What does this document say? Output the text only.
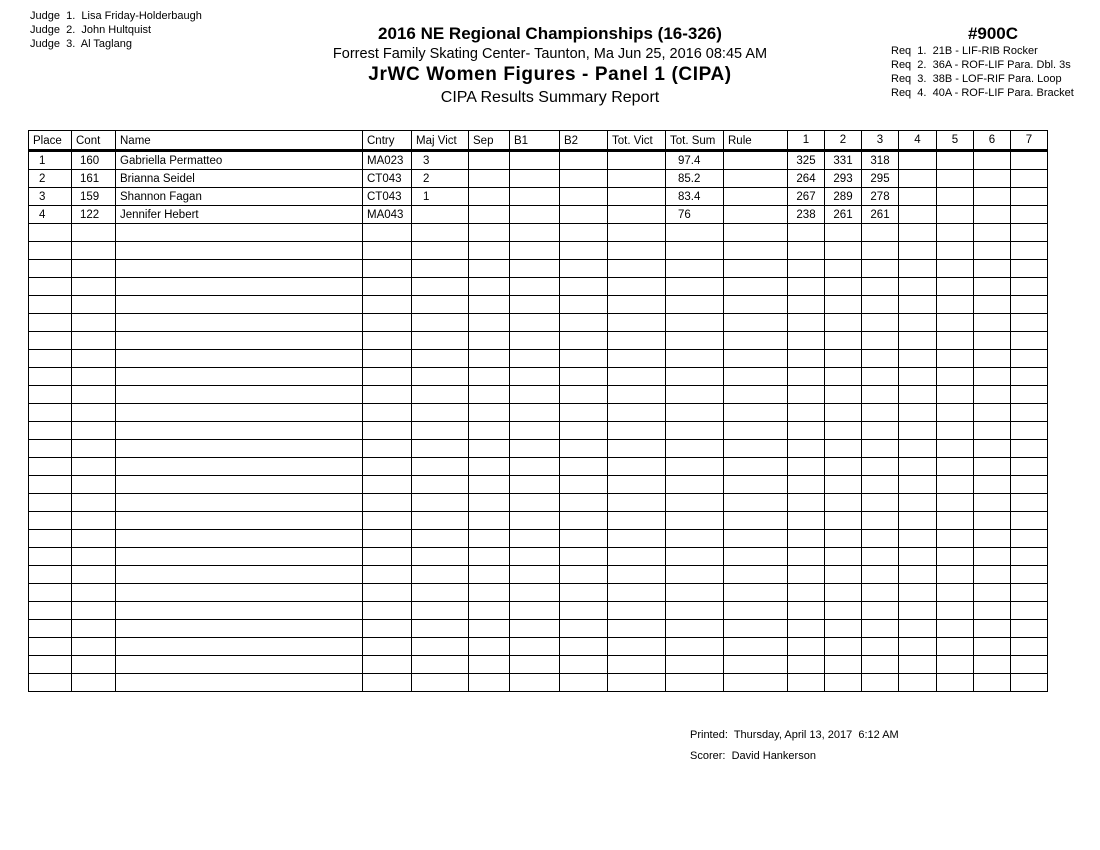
Judge  1. Lisa Friday-Holderbaugh
Judge  2. John Hultquist
Judge  3. Al Taglang
2016 NE Regional Championships (16-326)
Forrest Family Skating Center- Taunton, Ma Jun 25, 2016 08:45 AM
JrWC Women Figures - Panel 1 (CIPA)
CIPA Results Summary Report
#900C
Req  1. 21B - LIF-RIB Rocker
Req  2. 36A - ROF-LIF Para. Dbl. 3s
Req  3. 38B - LOF-RIF Para. Loop
Req  4. 40A - ROF-LIF Para. Bracket
Place	Cont	Name	Cntry	Maj Vict	Sep	B1	B2	Tot. Vict	Tot. Sum	Rule	1	2	3	4	5	6	7
1	160	Gabriella Permatteo	MA023	3					97.4		325	331	318				
2	161	Brianna Seidel	CT043	2					85.2		264	293	295				
3	159	Shannon Fagan	CT043	1					83.4		267	289	278				
4	122	Jennifer Hebert	MA043						76		238	261	261				

Printed:  Thursday, April 13, 2017  6:12 AM
Scorer:  David Hankerson
